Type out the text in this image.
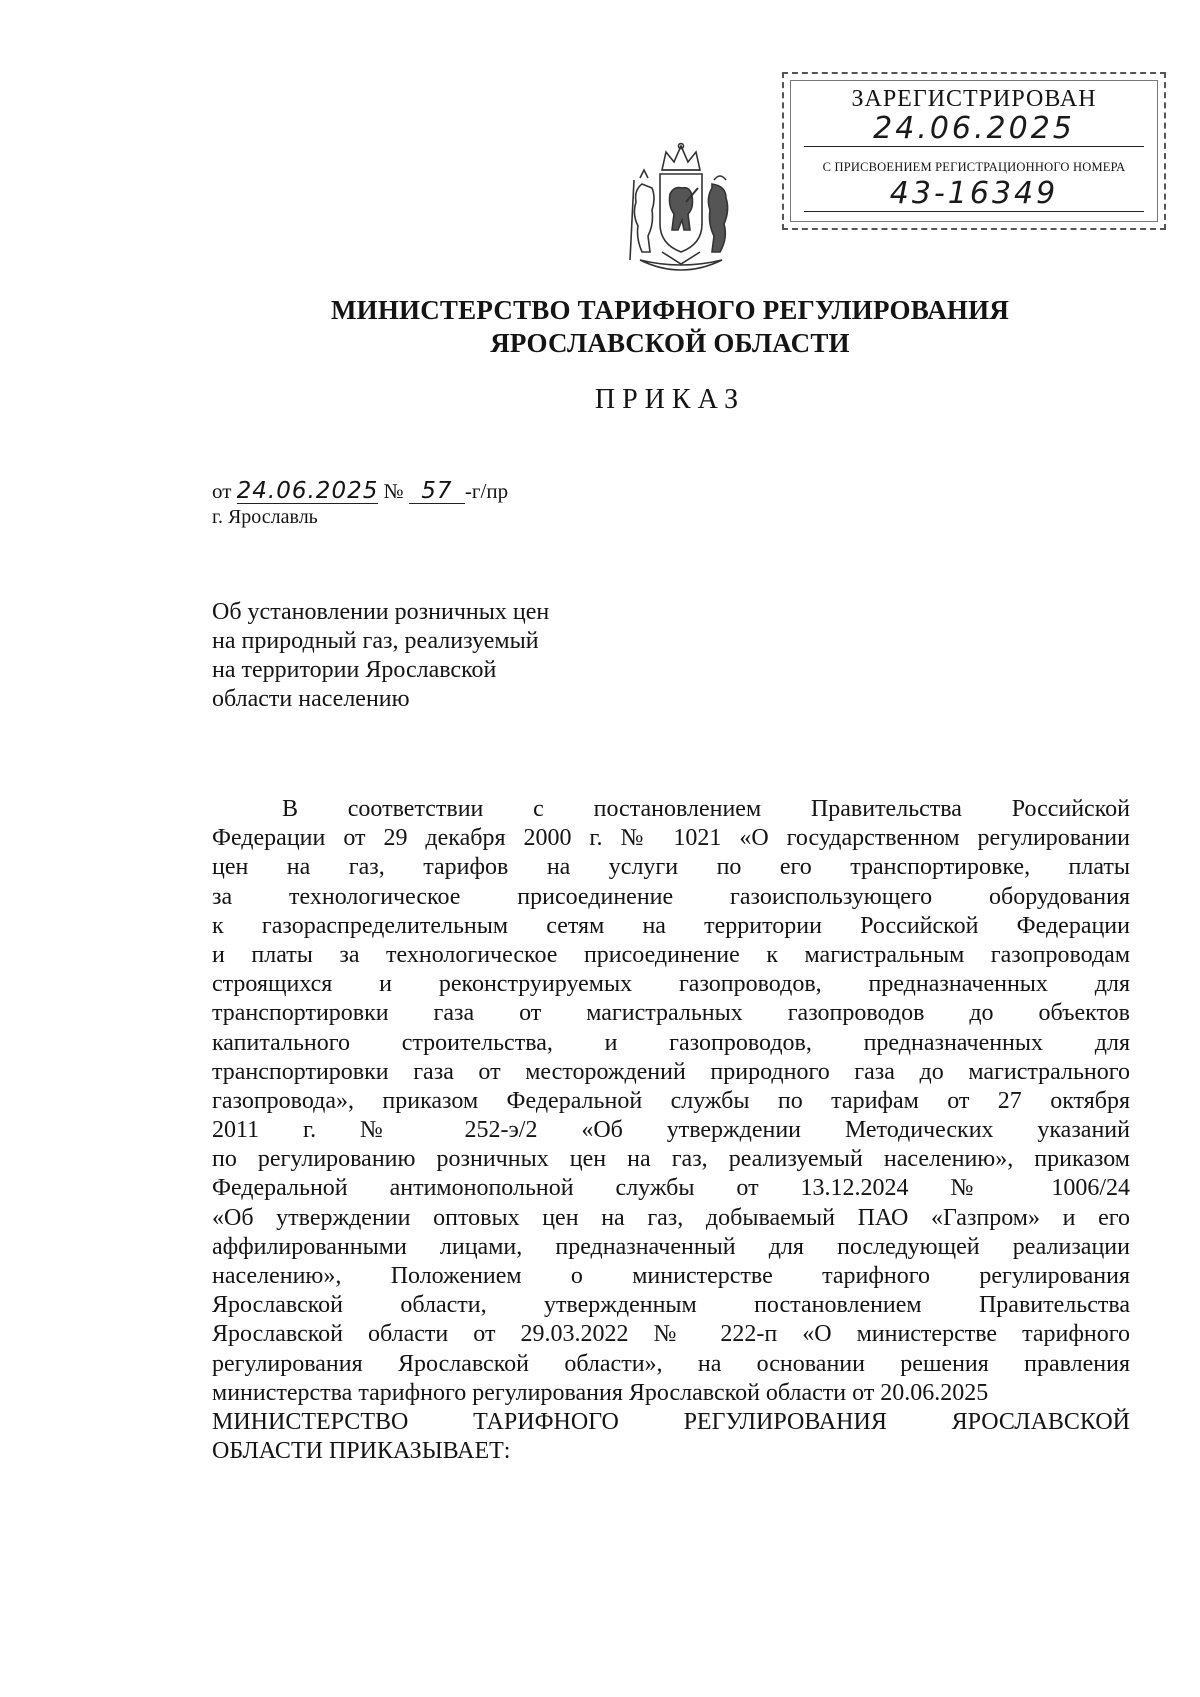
ЗАРЕГИСТРИРОВАН
24.06.2025
С ПРИСВОЕНИЕМ РЕГИСТРАЦИОННОГО НОМЕРА
43-16349
МИНИСТЕРСТВО ТАРИФНОГО РЕГУЛИРОВАНИЯ
ЯРОСЛАВСКОЙ ОБЛАСТИ
ПРИКАЗ
от 24.06.2025 № 57 -г/пр
г. Ярославль
Об установлении розничных цен
на природный газ, реализуемый
на территории Ярославской
области населению
В соответствии с постановлением Правительства Российской
Федерации от 29 декабря 2000 г. № 1021 «О государственном регулировании
цен на газ, тарифов на услуги по его транспортировке, платы
за технологическое присоединение газоиспользующего оборудования
к газораспределительным сетям на территории Российской Федерации
и платы за технологическое присоединение к магистральным газопроводам
строящихся и реконструируемых газопроводов, предназначенных для
транспортировки газа от магистральных газопроводов до объектов
капитального строительства, и газопроводов, предназначенных для
транспортировки газа от месторождений природного газа до магистрального
газопровода», приказом Федеральной службы по тарифам от 27 октября
2011 г. № 252-э/2 «Об утверждении Методических указаний
по регулированию розничных цен на газ, реализуемый населению», приказом
Федеральной антимонопольной службы от 13.12.2024 № 1006/24
«Об утверждении оптовых цен на газ, добываемый ПАО «Газпром» и его
аффилированными лицами, предназначенный для последующей реализации
населению», Положением о министерстве тарифного регулирования
Ярославской области, утвержденным постановлением Правительства
Ярославской области от 29.03.2022 № 222-п «О министерстве тарифного
регулирования Ярославской области», на основании решения правления
министерства тарифного регулирования Ярославской области от 20.06.2025
МИНИСТЕРСТВО ТАРИФНОГО РЕГУЛИРОВАНИЯ ЯРОСЛАВСКОЙ
ОБЛАСТИ ПРИКАЗЫВАЕТ:
